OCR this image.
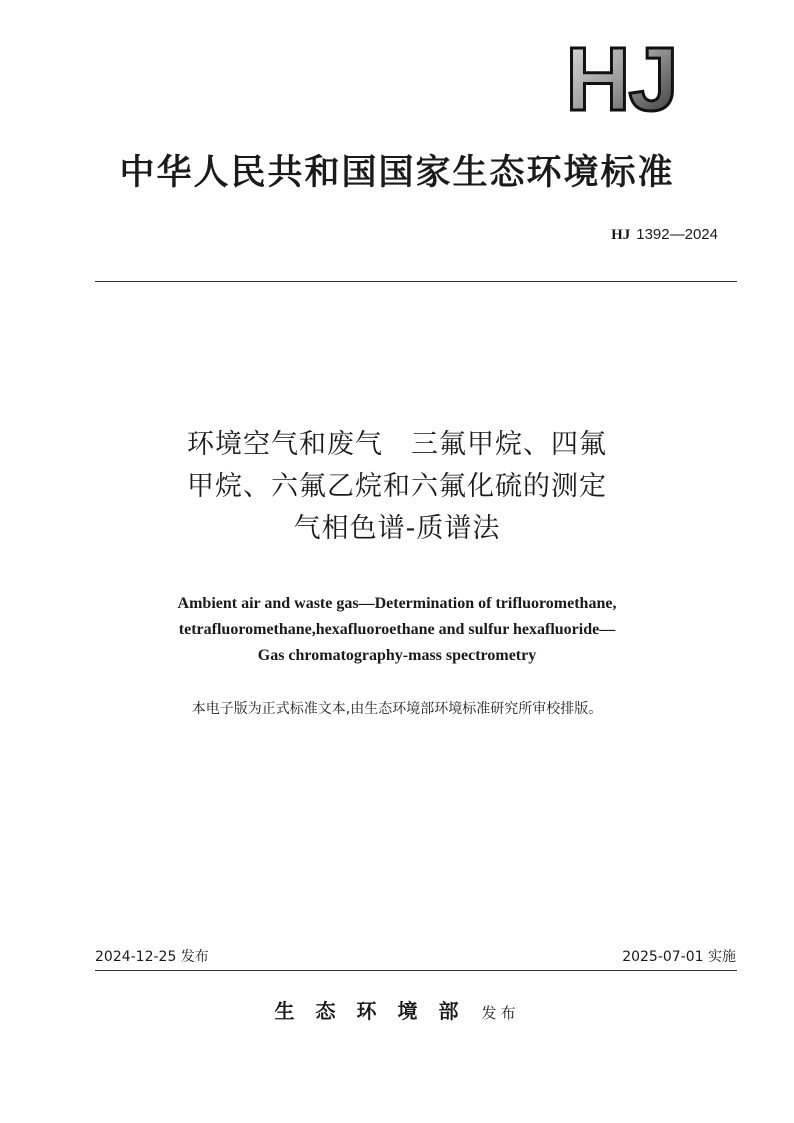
HJ
中华人民共和国国家生态环境标准
HJ 1392—2024
环境空气和废气　三氟甲烷、四氟
甲烷、六氟乙烷和六氟化硫的测定
气相色谱-质谱法
Ambient air and waste gas—Determination of trifluoromethane,
tetrafluoromethane,hexafluoroethane and sulfur hexafluoride—
Gas chromatography-mass spectrometry
本电子版为正式标准文本,由生态环境部环境标准研究所审校排版。
2024-12-25 发布	2025-07-01 实施
生态环境部 发布
